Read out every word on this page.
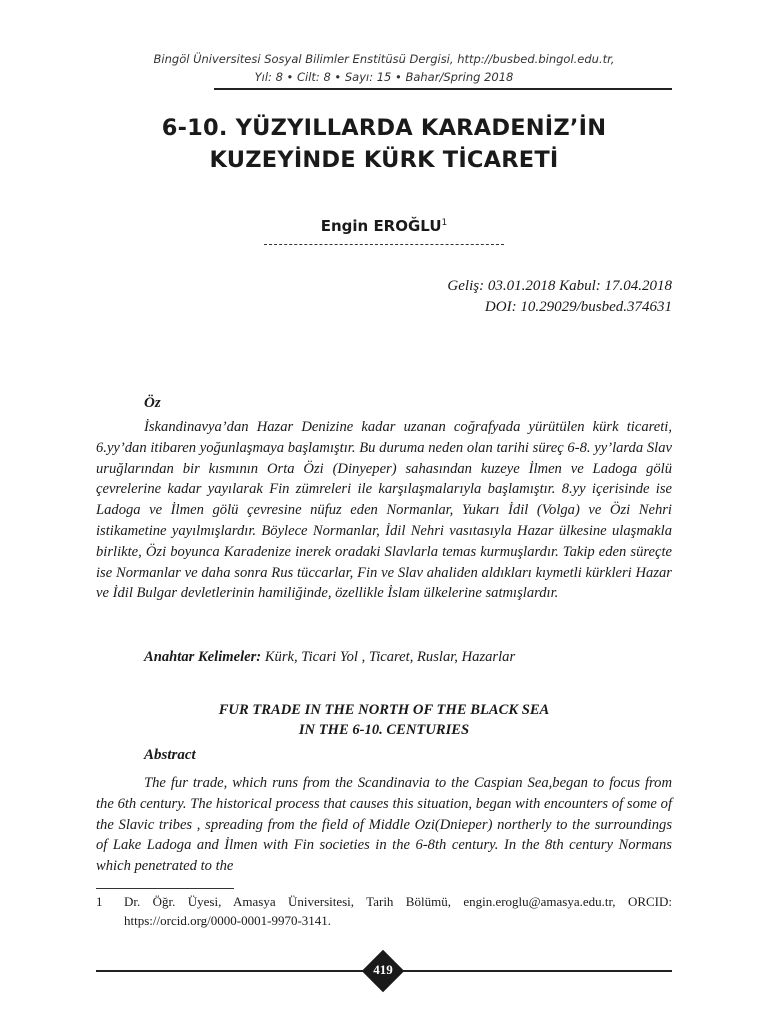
Bingöl Üniversitesi Sosyal Bilimler Enstitüsü Dergisi, http://busbed.bingol.edu.tr,
Yıl: 8 • Cilt: 8 • Sayı: 15 • Bahar/Spring 2018
6-10. YÜZYILLARDA KARADENİZ’İN
KUZEYİNDE KÜRK TİCARETİ
Engin EROĞLU$^1$
Geliş: 03.01.2018 Kabul: 17.04.2018
DOI: 10.29029/busbed.374631
Öz
İskandinavya’dan Hazar Denizine kadar uzanan coğrafyada yürütülen kürk ticareti, 6.yy’dan itibaren yoğunlaşmaya başlamıştır. Bu duruma neden olan tarihi süreç 6-8. yy’larda Slav uruğlarından bir kısmının Orta Özi (Dinyeper) sahasından kuzeye İlmen ve Ladoga gölü çevrelerine kadar yayılarak Fin zümreleri ile karşılaşmalarıyla başlamıştır. 8.yy içerisinde ise Ladoga ve İlmen gölü çevresine nüfuz eden Normanlar, Yukarı İdil (Volga) ve Özi Nehri istikametine yayılmışlardır. Böylece Normanlar, İdil Nehri vasıtasıyla Hazar ülkesine ulaşmakla birlikte, Özi boyunca Karadenize inerek oradaki Slavlarla temas kurmuşlardır. Takip eden süreçte ise Normanlar ve daha sonra Rus tüccarlar, Fin ve Slav ahaliden aldıkları kıymetli kürkleri Hazar ve İdil Bulgar devletlerinin hamiliğinde, özellikle İslam ülkelerine satmışlardır.
Anahtar Kelimeler: Kürk, Ticari Yol , Ticaret, Ruslar, Hazarlar
FUR TRADE IN THE NORTH OF THE BLACK SEA
IN THE 6-10. CENTURIES
Abstract
The fur trade, which runs from the Scandinavia to the Caspian Sea,began to focus from the 6th century. The historical process that causes this situation, began with encounters of some of the Slavic tribes , spreading from the field of Middle Ozi(Dnieper) northerly to the surroundings of Lake Ladoga and İlmen with Fin societies in the 6-8th century. In the 8th century Normans which penetrated to the
1	Dr. Öğr. Üyesi, Amasya Üniversitesi, Tarih Bölümü, engin.eroglu@amasya.edu.tr, ORCID: https://orcid.org/0000-0001-9970-3141.
419
